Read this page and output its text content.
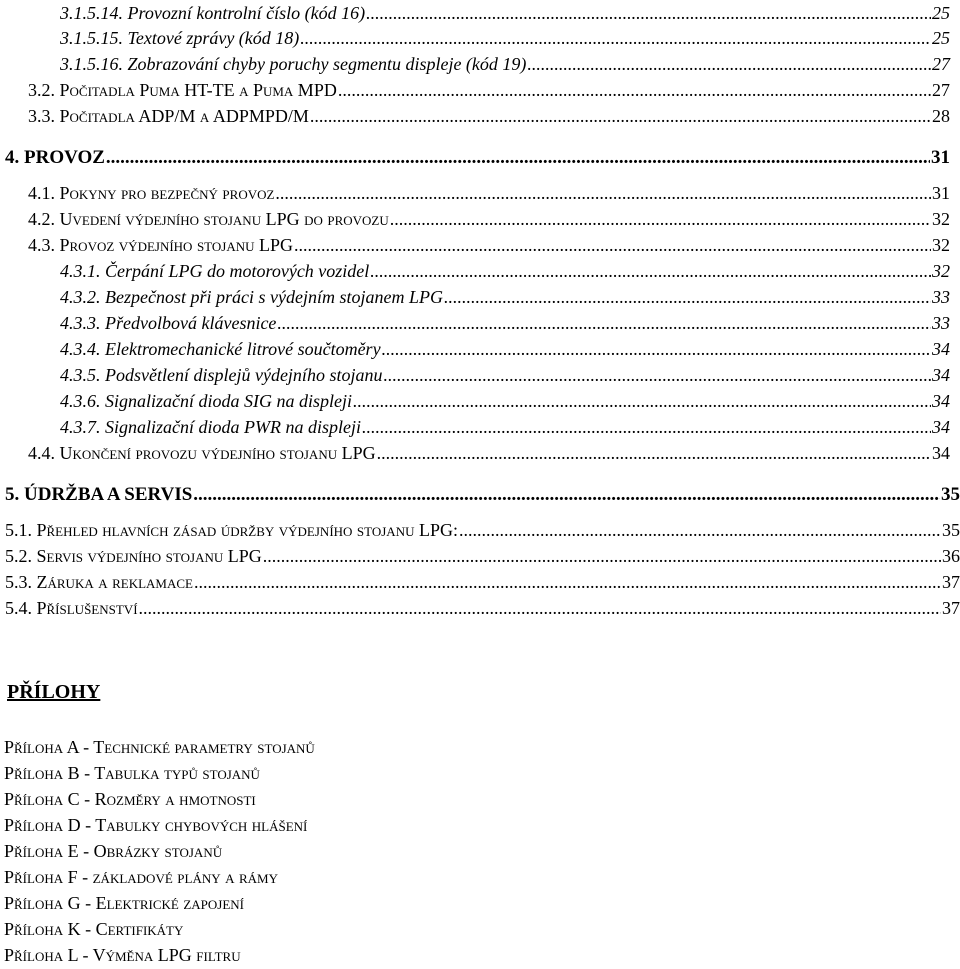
3.1.5.14. Provozní kontrolní číslo (kód 16) .....	25
3.1.5.15. Textové zprávy (kód 18) .....	25
3.1.5.16. Zobrazování chyby poruchy segmentu displeje (kód 19) .....	27
3.2. Počitadla Puma HT-TE a Puma MPD .....	27
3.3. Počitadla ADP/M a ADPMPD/M .....	28
4. PROVOZ .....	31
4.1. Pokyny pro bezpečný provoz .....	31
4.2. Uvedení výdejního stojanu LPG do provozu .....	32
4.3. Provoz výdejního stojanu LPG .....	32
4.3.1. Čerpání LPG do motorových vozidel .....	32
4.3.2. Bezpečnost při práci s výdejním stojanem LPG .....	33
4.3.3. Předvolbová klávesnice .....	33
4.3.4. Elektromechanické litrové součtoměry .....	34
4.3.5. Podsvětlení displejů výdejního stojanu .....	34
4.3.6. Signalizační dioda SIG na displeji .....	34
4.3.7. Signalizační dioda PWR na displeji .....	34
4.4. Ukončení provozu výdejního stojanu LPG .....	34
5. ÚDRŽBA A SERVIS .....	35
5.1. Přehled hlavních zásad údržby výdejního stojanu LPG: .....	35
5.2. Servis výdejního stojanu LPG .....	36
5.3. Záruka a reklamace .....	37
5.4. Příslušenství .....	37
PŘÍLOHY
Příloha A - Technické parametry stojanů
Příloha B - Tabulka typů stojanů
Příloha C - Rozměry a hmotnosti
Příloha D - Tabulky chybových hlášení
Příloha E - Obrázky stojanů
Příloha F - základové plány a rámy
Příloha G - Elektrické zapojení
Příloha K - Certifikáty
Příloha L - Výměna LPG filtru
